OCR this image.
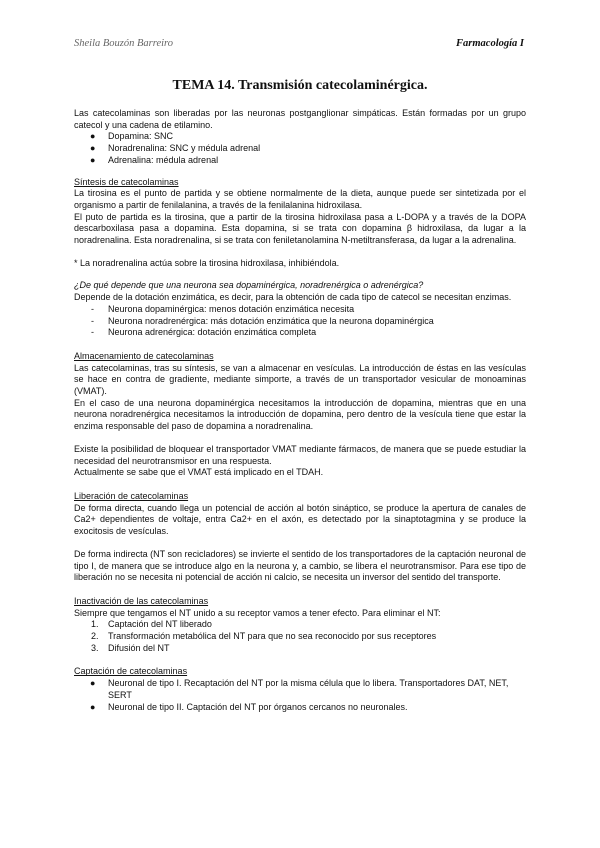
Sheila Bouzón Barreiro	Farmacología I
TEMA 14. Transmisión catecolaminérgica.

Las catecolaminas son liberadas por las neuronas postganglionar simpáticas. Están formadas por un grupo catecol y una cadena de etilamino.

● Dopamina: SNC
● Noradrenalina: SNC y médula adrenal
● Adrenalina: médula adrenal

Síntesis de catecolaminas

La tirosina es el punto de partida y se obtiene normalmente de la dieta, aunque puede ser sintetizada por el organismo a partir de fenilalanina, a través de la fenilalanina hidroxilasa.

El puto de partida es la tirosina, que a partir de la tirosina hidroxilasa pasa a L-DOPA y a través de la DOPA descarboxilasa pasa a dopamina. Esta dopamina, si se trata con dopamina β hidroxilasa, da lugar a la noradrenalina. Esta noradrenalina, si se trata con feniletanolamina N-metiltransferasa, da lugar a la adrenalina.

* La noradrenalina actúa sobre la tirosina hidroxilasa, inhibiéndola.

¿De qué depende que una neurona sea dopaminérgica, noradrenérgica o adrenérgica?

Depende de la dotación enzimática, es decir, para la obtención de cada tipo de catecol se necesitan enzimas.

- Neurona dopaminérgica: menos dotación enzimática necesita
- Neurona noradrenérgica: más dotación enzimática que la neurona dopaminérgica
- Neurona adrenérgica: dotación enzimática completa

Almacenamiento de catecolaminas

Las catecolaminas, tras su síntesis, se van a almacenar en vesículas. La introducción de éstas en las vesículas se hace en contra de gradiente, mediante simporte, a través de un transportador vesicular de monoaminas (VMAT).

En el caso de una neurona dopaminérgica necesitamos la introducción de dopamina, mientras que en una neurona noradrenérgica necesitamos la introducción de dopamina, pero dentro de la vesícula tiene que estar la enzima responsable del paso de dopamina a noradrenalina.

Existe la posibilidad de bloquear el transportador VMAT mediante fármacos, de manera que se puede estudiar la necesidad del neurotransmisor en una respuesta.

Actualmente se sabe que el VMAT está implicado en el TDAH.

Liberación de catecolaminas

De forma directa, cuando llega un potencial de acción al botón sináptico, se produce la apertura de canales de Ca2+ dependientes de voltaje, entra Ca2+ en el axón, es detectado por la sinaptotagmina y se produce la exocitosis de vesículas.

De forma indirecta (NT son recicladores) se invierte el sentido de los transportadores de la captación neuronal de tipo I, de manera que se introduce algo en la neurona y, a cambio, se libera el neurotransmisor. Para ese tipo de liberación no se necesita ni potencial de acción ni calcio, se necesita un inversor del sentido del transporte.

Inactivación de las catecolaminas

Siempre que tengamos el NT unido a su receptor vamos a tener efecto. Para eliminar el NT:

1. Captación del NT liberado
2. Transformación metabólica del NT para que no sea reconocido por sus receptores
3. Difusión del NT

Captación de catecolaminas

● Neuronal de tipo I. Recaptación del NT por la misma célula que lo libera. Transportadores DAT, NET, SERT
● Neuronal de tipo II. Captación del NT por órganos cercanos no neuronales.
